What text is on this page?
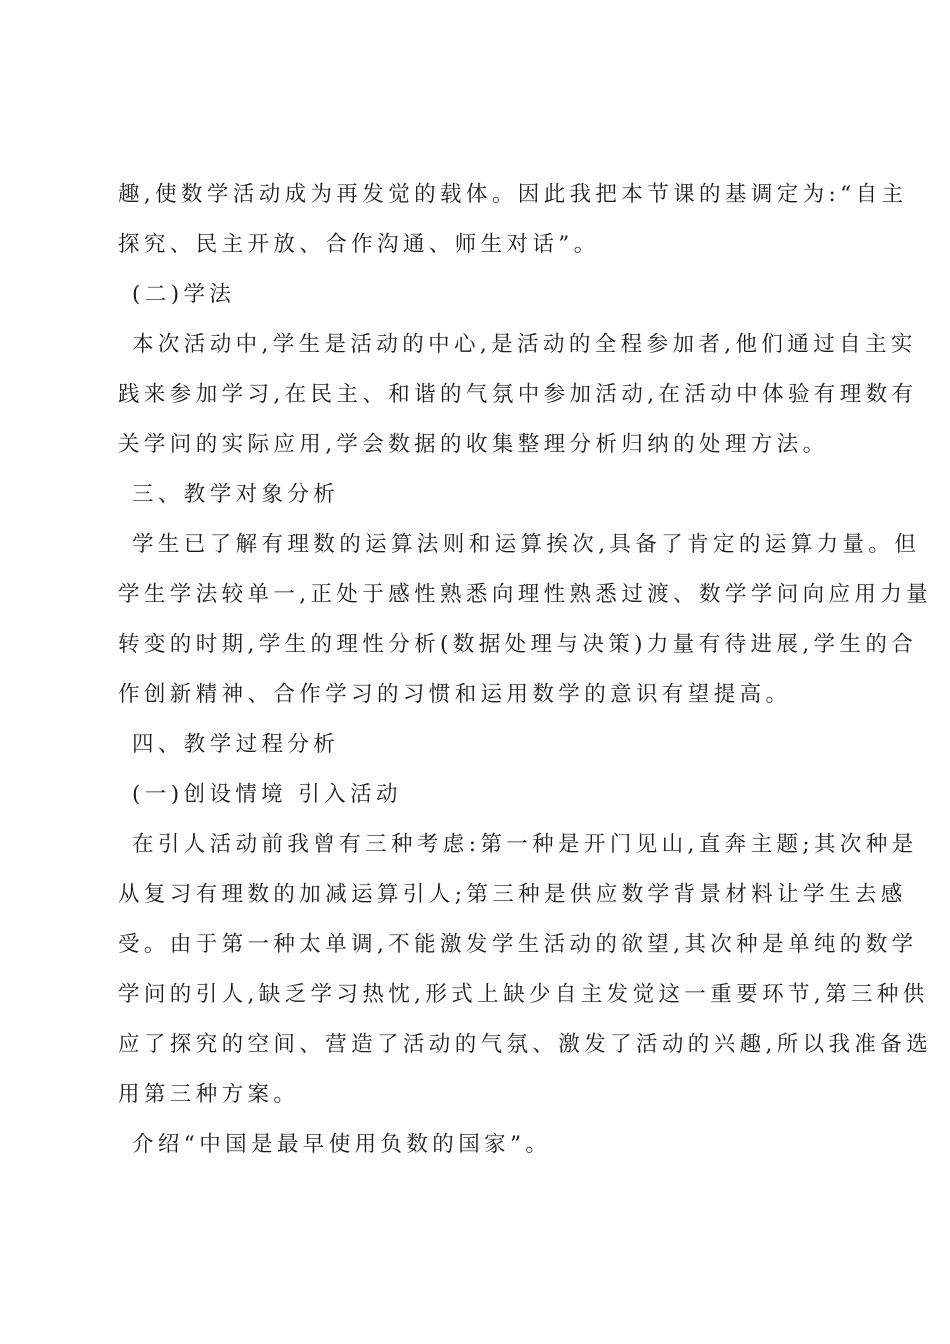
趣,使数学活动成为再发觉的载体。因此我把本节课的基调定为:“自主
探究、民主开放、合作沟通、师生对话”。
(二)学法
本次活动中,学生是活动的中心,是活动的全程参加者,他们通过自主实
践来参加学习,在民主、和谐的气氛中参加活动,在活动中体验有理数有
关学问的实际应用,学会数据的收集整理分析归纳的处理方法。
三、教学对象分析
学生已了解有理数的运算法则和运算挨次,具备了肯定的运算力量。但
学生学法较单一,正处于感性熟悉向理性熟悉过渡、数学学问向应用力量
转变的时期,学生的理性分析(数据处理与决策)力量有待进展,学生的合
作创新精神、合作学习的习惯和运用数学的意识有望提高。
四、教学过程分析
(一)创设情境 引入活动
在引人活动前我曾有三种考虑:第一种是开门见山,直奔主题;其次种是
从复习有理数的加减运算引人;第三种是供应数学背景材料让学生去感
受。由于第一种太单调,不能激发学生活动的欲望,其次种是单纯的数学
学问的引人,缺乏学习热忱,形式上缺少自主发觉这一重要环节,第三种供
应了探究的空间、营造了活动的气氛、激发了活动的兴趣,所以我准备选
用第三种方案。
介绍“中国是最早使用负数的国家”。
